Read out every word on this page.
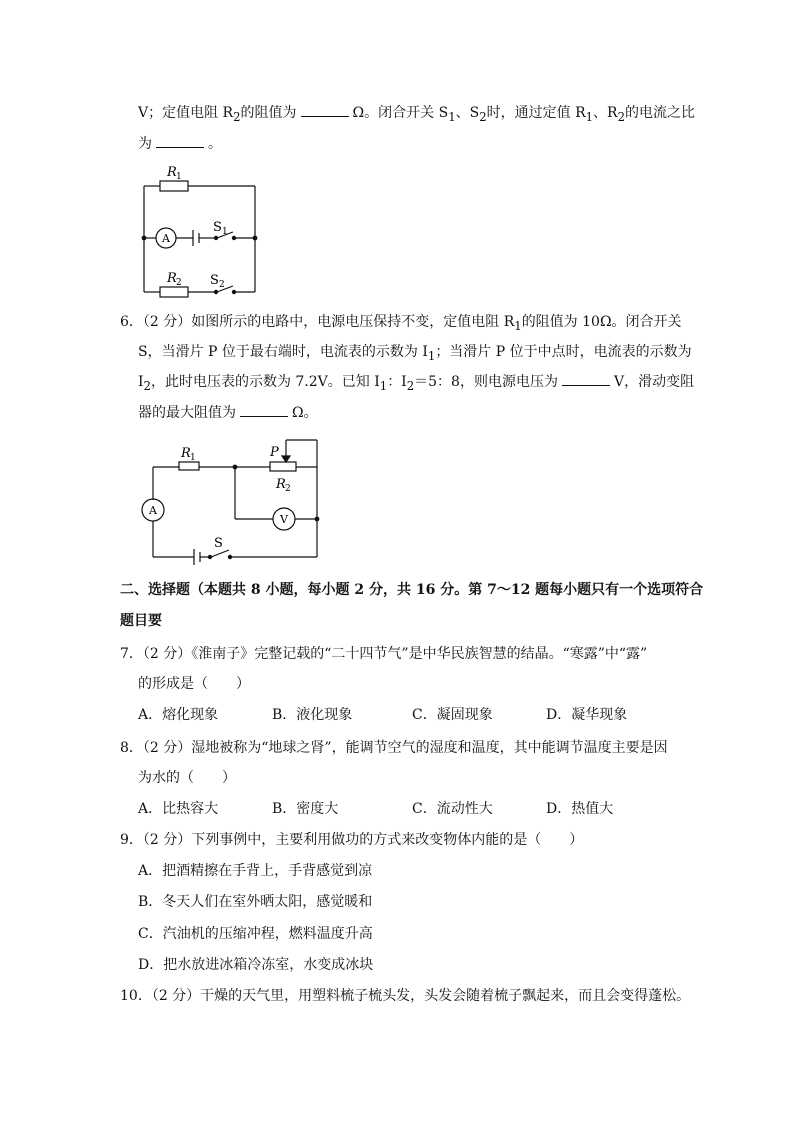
V；定值电阻 $R_2$的阻值为	Ω。闭合开关 $S_1$、$S_2$时，通过定值 $R_1$、$R_2$的电流之比
为	。
A
R 1
R 2
S 1
S 2
6．（2 分）如图所示的电路中，电源电压保持不变，定值电阻 $R_1$的阻值为 10Ω。闭合开关
S，当滑片 P 位于最右端时，电流表的示数为 $I_1$；当滑片 P 位于中点时，电流表的示数为
$I_2$，此时电压表的示数为 7.2V。已知 $I_1$：$I_2=5$：8，则电源电压为	V，滑动变阻
器的最大阻值为	Ω。
A
V
R 1	P
R 2
S
二、选择题（本题共 8 小题，每小题 2 分，共 16 分。第 7～12 题每小题只有一个选项符合
题目要
7．（2 分）《淮南子》完整记载的“二十四节气”是中华民族智慧的结晶。“寒露”中“露”
的形成是（　　）
A．熔化现象	B．液化现象	C．凝固现象	D．凝华现象
8．（2 分）湿地被称为“地球之肾”，能调节空气的湿度和温度，其中能调节温度主要是因
为水的（　　）
A．比热容大	B．密度大	C．流动性大	D．热值大
9．（2 分）下列事例中，主要利用做功的方式来改变物体内能的是（　　）
A．把酒精擦在手背上，手背感觉到凉
B．冬天人们在室外晒太阳，感觉暖和
C．汽油机的压缩冲程，燃料温度升高
D．把水放进冰箱冷冻室，水变成冰块
10．（2 分）干燥的天气里，用塑料梳子梳头发，头发会随着梳子飘起来，而且会变得蓬松。
